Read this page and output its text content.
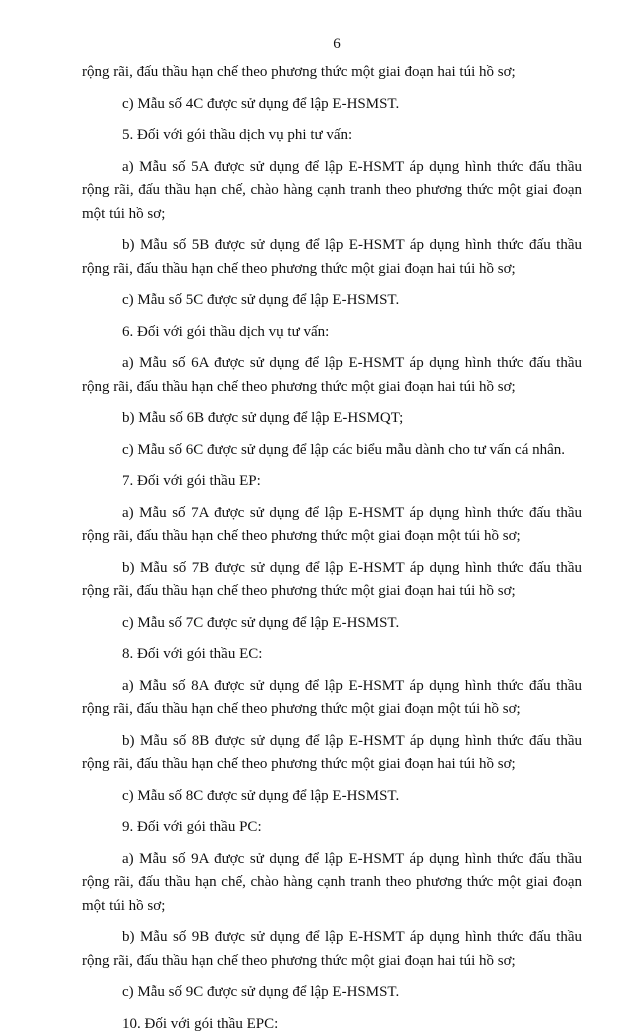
6

rộng rãi, đấu thầu hạn chế theo phương thức một giai đoạn hai túi hồ sơ;

c) Mẫu số 4C được sử dụng để lập E-HSMST.

5. Đối với gói thầu dịch vụ phi tư vấn:

a) Mẫu số 5A được sử dụng để lập E-HSMT áp dụng hình thức đấu thầu rộng rãi, đấu thầu hạn chế, chào hàng cạnh tranh theo phương thức một giai đoạn một túi hồ sơ;

b) Mẫu số 5B được sử dụng để lập E-HSMT áp dụng hình thức đấu thầu rộng rãi, đấu thầu hạn chế theo phương thức một giai đoạn hai túi hồ sơ;

c) Mẫu số 5C được sử dụng để lập E-HSMST.

6. Đối với gói thầu dịch vụ tư vấn:

a) Mẫu số 6A được sử dụng để lập E-HSMT áp dụng hình thức đấu thầu rộng rãi, đấu thầu hạn chế theo phương thức một giai đoạn hai túi hồ sơ;

b) Mẫu số 6B được sử dụng để lập E-HSMQT;

c) Mẫu số 6C được sử dụng để lập các biểu mẫu dành cho tư vấn cá nhân.

7. Đối với gói thầu EP:

a) Mẫu số 7A được sử dụng để lập E-HSMT áp dụng hình thức đấu thầu rộng rãi, đấu thầu hạn chế theo phương thức một giai đoạn một túi hồ sơ;

b) Mẫu số 7B được sử dụng để lập E-HSMT áp dụng hình thức đấu thầu rộng rãi, đấu thầu hạn chế theo phương thức một giai đoạn hai túi hồ sơ;

c) Mẫu số 7C được sử dụng để lập E-HSMST.

8. Đối với gói thầu EC:

a) Mẫu số 8A được sử dụng để lập E-HSMT áp dụng hình thức đấu thầu rộng rãi, đấu thầu hạn chế theo phương thức một giai đoạn một túi hồ sơ;

b) Mẫu số 8B được sử dụng để lập E-HSMT áp dụng hình thức đấu thầu rộng rãi, đấu thầu hạn chế theo phương thức một giai đoạn hai túi hồ sơ;

c) Mẫu số 8C được sử dụng để lập E-HSMST.

9. Đối với gói thầu PC:

a) Mẫu số 9A được sử dụng để lập E-HSMT áp dụng hình thức đấu thầu rộng rãi, đấu thầu hạn chế, chào hàng cạnh tranh theo phương thức một giai đoạn một túi hồ sơ;

b) Mẫu số 9B được sử dụng để lập E-HSMT áp dụng hình thức đấu thầu rộng rãi, đấu thầu hạn chế theo phương thức một giai đoạn hai túi hồ sơ;

c) Mẫu số 9C được sử dụng để lập E-HSMST.

10. Đối với gói thầu EPC:
